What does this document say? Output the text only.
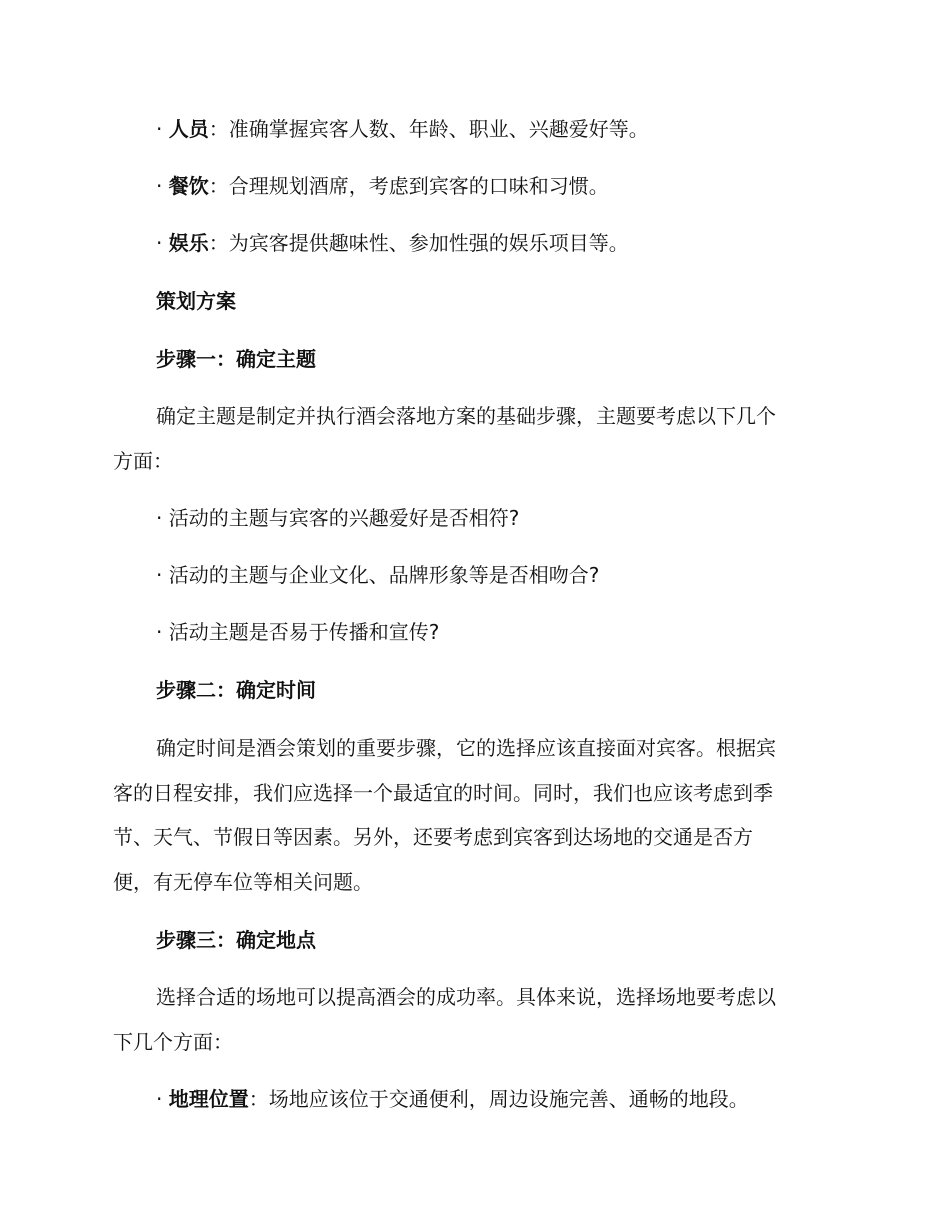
· 人员：准确掌握宾客人数、年龄、职业、兴趣爱好等。
· 餐饮：合理规划酒席，考虑到宾客的口味和习惯。
· 娱乐：为宾客提供趣味性、参加性强的娱乐项目等。
策划方案
步骤一：确定主题
确定主题是制定并执行酒会落地方案的基础步骤，主题要考虑以下几个
方面：
· 活动的主题与宾客的兴趣爱好是否相符?
· 活动的主题与企业文化、品牌形象等是否相吻合?
· 活动主题是否易于传播和宣传?
步骤二：确定时间
确定时间是酒会策划的重要步骤，它的选择应该直接面对宾客。根据宾
客的日程安排，我们应选择一个最适宜的时间。同时，我们也应该考虑到季
节、天气、节假日等因素。另外，还要考虑到宾客到达场地的交通是否方
便，有无停车位等相关问题。
步骤三：确定地点
选择合适的场地可以提高酒会的成功率。具体来说，选择场地要考虑以
下几个方面：
· 地理位置：场地应该位于交通便利，周边设施完善、通畅的地段。
